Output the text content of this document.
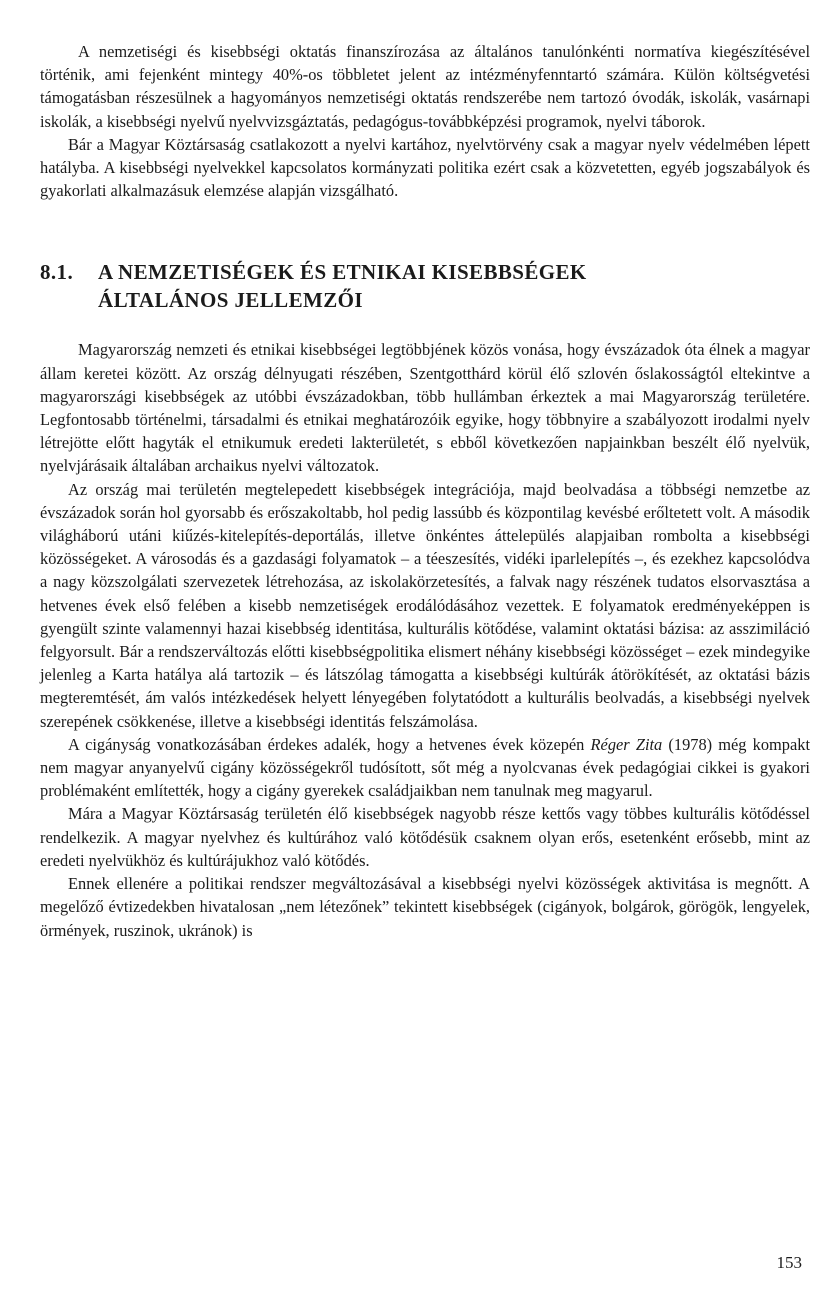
A nemzetiségi és kisebbségi oktatás finanszírozása az általános tanulónkénti normatíva kiegészítésével történik, ami fejenként mintegy 40%-os többletet jelent az intézményfenntartó számára. Külön költségvetési támogatásban részesülnek a hagyományos nemzetiségi oktatás rendszerébe nem tartozó óvodák, iskolák, vasárnapi iskolák, a kisebbségi nyelvű nyelvvizsgáztatás, pedagógus-továbbképzési programok, nyelvi táborok.

Bár a Magyar Köztársaság csatlakozott a nyelvi kartához, nyelvtörvény csak a magyar nyelv védelmében lépett hatályba. A kisebbségi nyelvekkel kapcsolatos kormányzati politika ezért csak a közvetetten, egyéb jogszabályok és gyakorlati alkalmazásuk elemzése alapján vizsgálható.

8.1.	A NEMZETISÉGEK ÉS ETNIKAI KISEBBSÉGEK
ÁLTALÁNOS JELLEMZŐI

Magyarország nemzeti és etnikai kisebbségei legtöbbjének közös vonása, hogy évszázadok óta élnek a magyar állam keretei között. Az ország délnyugati részében, Szentgotthárd körül élő szlovén őslakosságtól eltekintve a magyarországi kisebbségek az utóbbi évszázadokban, több hullámban érkeztek a mai Magyarország területére. Legfontosabb történelmi, társadalmi és etnikai meghatározóik egyike, hogy többnyire a szabályozott irodalmi nyelv létrejötte előtt hagyták el etnikumuk eredeti lakterületét, s ebből következően napjainkban beszélt élő nyelvük, nyelvjárásaik általában archaikus nyelvi változatok.

Az ország mai területén megtelepedett kisebbségek integrációja, majd beolvadása a többségi nemzetbe az évszázadok során hol gyorsabb és erőszakoltabb, hol pedig lassúbb és központilag kevésbé erőltetett volt. A második világháború utáni kiűzés-kitelepítés-deportálás, illetve önkéntes áttelepülés alapjaiban rombolta a kisebbségi közösségeket. A városodás és a gazdasági folyamatok – a téeszesítés, vidéki iparlelepítés –, és ezekhez kapcsolódva a nagy közszolgálati szervezetek létrehozása, az iskolakörzetesítés, a falvak nagy részének tudatos elsorvasztása a hetvenes évek első felében a kisebb nemzetiségek erodálódásához vezettek. E folyamatok eredményeképpen is gyengült szinte valamennyi hazai kisebbség identitása, kulturális kötődése, valamint oktatási bázisa: az asszimiláció felgyorsult. Bár a rendszerváltozás előtti kisebbségpolitika elismert néhány kisebbségi közösséget – ezek mindegyike jelenleg a Karta hatálya alá tartozik – és látszólag támogatta a kisebbségi kultúrák átörökítését, az oktatási bázis megteremtését, ám valós intézkedések helyett lényegében folytatódott a kulturális beolvadás, a kisebbségi nyelvek szerepének csökkenése, illetve a kisebbségi identitás felszámolása.

A cigányság vonatkozásában érdekes adalék, hogy a hetvenes évek közepén Réger Zita (1978) még kompakt nem magyar anyanyelvű cigány közösségekről tudósított, sőt még a nyolcvanas évek pedagógiai cikkei is gyakori problémaként említették, hogy a cigány gyerekek családjaikban nem tanulnak meg magyarul.

Mára a Magyar Köztársaság területén élő kisebbségek nagyobb része kettős vagy többes kulturális kötődéssel rendelkezik. A magyar nyelvhez és kultúrához való kötődésük csaknem olyan erős, esetenként erősebb, mint az eredeti nyelvükhöz és kultúrájukhoz való kötődés.

Ennek ellenére a politikai rendszer megváltozásával a kisebbségi nyelvi közösségek aktivitása is megnőtt. A megelőző évtizedekben hivatalosan „nem létezőnek” tekintett kisebbségek (cigányok, bolgárok, görögök, lengyelek, örmények, ruszinok, ukránok) is

153
